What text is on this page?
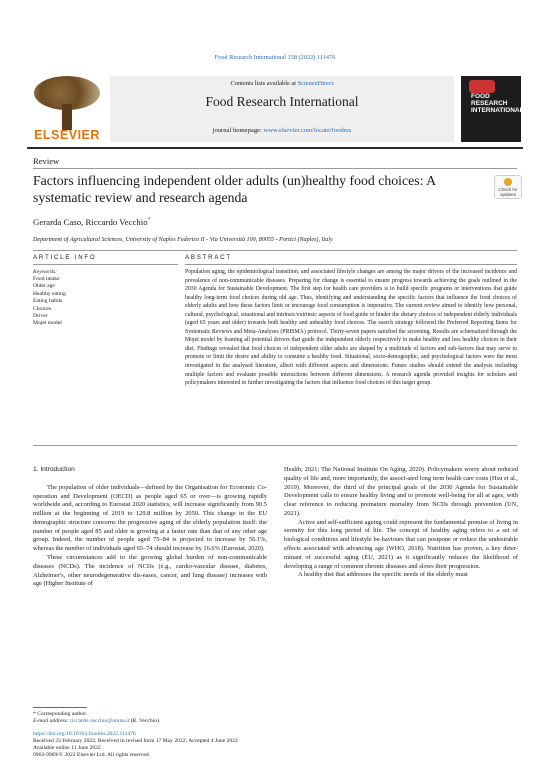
Food Research International 158 (2022) 111476
ELSEVIER
Contents lists available at ScienceDirect
Food Research International
journal homepage: www.elsevier.com/locate/foodres
FOOD RESEARCH INTERNATIONAL
Review
Factors influencing independent older adults (un)healthy food choices: A systematic review and research agenda
Check for updates
Gerarda Caso, Riccardo Vecchio*
Department of Agricultural Sciences, University of Naples Federico II - Via Università 100, 80055 - Portici (Naples), Italy
ARTICLE INFO	ABSTRACT
Keywords:
Food intake
Older age
Healthy eating
Eating habits
Choices
Driver
Mojet model

Population aging, the epidemiological transition, and associated lifestyle changes are among the major drivers of the increased incidence and prevalence of non-communicable diseases. Preparing for change is essential to ensure progress towards achieving the goals outlined in the 2030 Agenda for Sustainable Development. The first step for health care providers is to build specific programs or interventions that guide healthy long-term food choices during old age. Thus, identifying and understanding the specific factors that influence the food choices of elderly adults and how these factors limit or encourage food consumption is imperative. The current review aimed to identify how personal, cultural, psychological, situational and intrinsic/extrinsic aspects of food guide or hinder the dietary choices of independent elderly individuals (aged 65 years and older) towards both healthy and unhealthy food choices. The search strategy followed the Preferred Reporting Items for Systematic Reviews and Meta-Analyses (PRISMA) protocol. Thirty-seven papers satisfied the screening. Results are schematized through the Mojet model by framing all potential drivers that guide the independent elderly respectively to make healthy and less healthy choices in their diet. Findings revealed that food choices of independent older adults are shaped by a multitude of factors and sub-factors that may serve to promote or limit the desire and ability to consume a healthy food. Situational, socio-demographic, and psychological factors were the most investigated in the analysed literature, albeit with different aspects and dimensions. Future studies should extend the analysis including multiple factors and evaluate possible interactions between different dimensions. A research agenda provided insights for scholars and policymakers interested in further investigating the factors that influence food choices of this target group.

1. Introduction

The population of older individuals—defined by the Organisation for Economic Co-operation and Development (OECD) as people aged 65 or over—is growing rapidly worldwide and, according to Eurostat 2020 statistics, will increase significantly from 90.5 million at the beginning of 2019 to 129.8 million by 2050. This change in the EU demographic structure concerns the progressive aging of the elderly population itself: the number of people aged 85 and older is growing at a faster rate than that of any other age group. Indeed, the number of people aged 75–84 is projected to increase by 56.1%, whereas the number of individuals aged 65–74 should increase by 16.6% (Eurostat, 2020).

These circumstances add to the growing global burden of non-communicable diseases (NCDs). The incidence of NCDs (e.g., cardio-vascular disease, diabetes, Alzheimer's, other neurodegenerative dis-eases, cancer, and lung disease) increases with age (Higher Institute of

Health, 2021; The National Institute On Aging, 2020). Policymakers worry about reduced quality of life and, more importantly, the associ-ated long term health care costs (Hsu et al., 2019). Moreover, the third of the principal goals of the 2030 Agenda for Sustainable Development calls to ensure healthy living and to promote well-being for all at ages, with clear reference to reducing premature mortality from NCDs through prevention (UN, 2021).

Active and self-sufficient ageing could represent the fundamental premise of living in serenity for this long period of life. The concept of healthy aging refers to a set of biological conditions and lifestyle be-haviours that can postpone or reduce the undesirable effects associated with advancing age (WHO, 2018). Nutrition has proven, a key deter-minant of successful aging (EU, 2021) as it significantly reduces the likelihood of developing a range of common chronic diseases and slows their progression.

A healthy diet that addresses the specific needs of the elderly must

* Corresponding author.
E-mail address: riccardo.vecchio@unina.it (R. Vecchio).
https://doi.org/10.1016/j.foodres.2022.111476
Received 23 February 2022; Received in revised form 17 May 2022; Accepted 4 June 2022
Available online 11 June 2022
0963-9969/© 2022 Elsevier Ltd. All rights reserved.
